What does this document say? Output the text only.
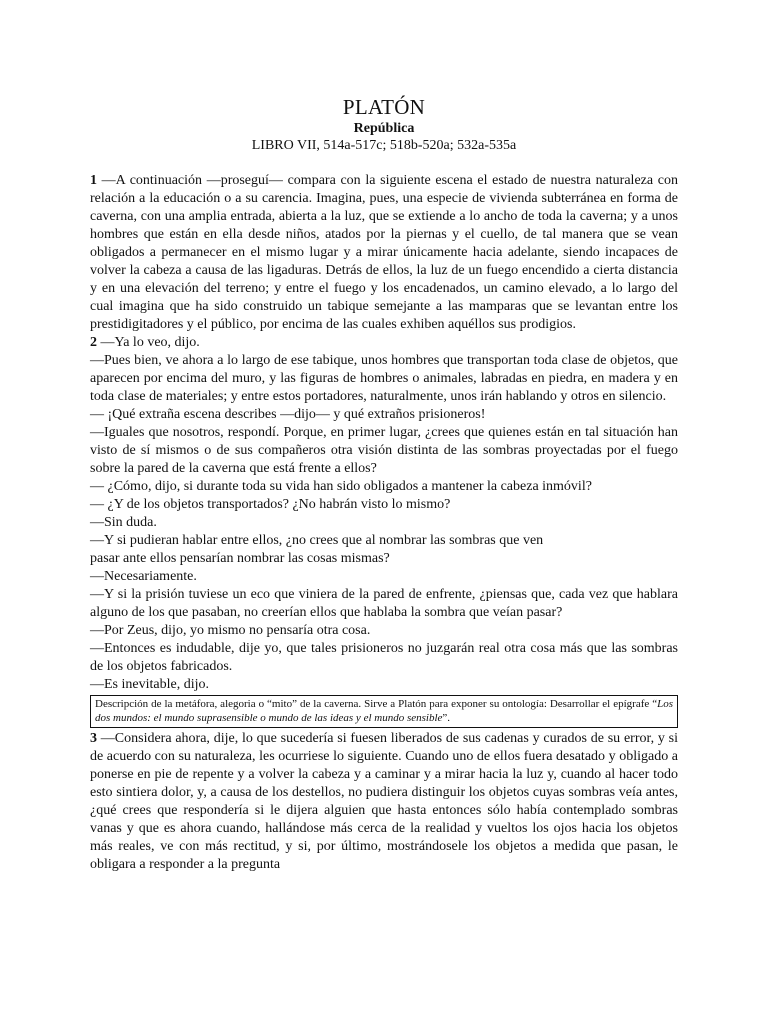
PLATÓN
República
LIBRO VII, 514a-517c; 518b-520a; 532a-535a

1 —A continuación —proseguí— compara con la siguiente escena el estado de nuestra naturaleza con relación a la educación o a su carencia. Imagina, pues, una especie de vivienda subterránea en forma de caverna, con una amplia entrada, abierta a la luz, que se extiende a lo ancho de toda la caverna; y a unos hombres que están en ella desde niños, atados por la piernas y el cuello, de tal manera que se vean obligados a permanecer en el mismo lugar y a mirar únicamente hacia adelante, siendo incapaces de volver la cabeza a causa de las ligaduras. Detrás de ellos, la luz de un fuego encendido a cierta distancia y en una elevación del terreno; y entre el fuego y los encadenados, un camino elevado, a lo largo del cual imagina que ha sido construido un tabique semejante a las mamparas que se levantan entre los prestidigitadores y el público, por encima de las cuales exhiben aquéllos sus prodigios.

2 —Ya lo veo, dijo.

—Pues bien, ve ahora a lo largo de ese tabique, unos hombres que transportan toda clase de objetos, que aparecen por encima del muro, y las figuras de hombres o animales, labradas en piedra, en madera y en toda clase de materiales; y entre estos portadores, naturalmente, unos irán hablando y otros en silencio.

— ¡Qué extraña escena describes —dijo— y qué extraños prisioneros!

—Iguales que nosotros, respondí. Porque, en primer lugar, ¿crees que quienes están en tal situación han visto de sí mismos o de sus compañeros otra visión distinta de las sombras proyectadas por el fuego sobre la pared de la caverna que está frente a ellos?

— ¿Cómo, dijo, si durante toda su vida han sido obligados a mantener la cabeza inmóvil?

— ¿Y de los objetos transportados? ¿No habrán visto lo mismo?

—Sin duda.

—Y si pudieran hablar entre ellos, ¿no crees que al nombrar las sombras que ven

pasar ante ellos pensarían nombrar las cosas mismas?

—Necesariamente.

—Y si la prisión tuviese un eco que viniera de la pared de enfrente, ¿piensas que, cada vez que hablara alguno de los que pasaban, no creerían ellos que hablaba la sombra que veían pasar?

—Por Zeus, dijo, yo mismo no pensaría otra cosa.

—Entonces es indudable, dije yo, que tales prisioneros no juzgarán real otra cosa más que las sombras de los objetos fabricados.

—Es inevitable, dijo.

Descripción de la metáfora, alegoria o “mito” de la caverna. Sirve a Platón para exponer su ontología: Desarrollar el epígrafe “Los dos mundos: el mundo suprasensible o mundo de las ideas y el mundo sensible”.

3 —Considera ahora, dije, lo que sucedería si fuesen liberados de sus cadenas y curados de su error, y si de acuerdo con su naturaleza, les ocurriese lo siguiente. Cuando uno de ellos fuera desatado y obligado a ponerse en pie de repente y a volver la cabeza y a caminar y a mirar hacia la luz y, cuando al hacer todo esto sintiera dolor, y, a causa de los destellos, no pudiera distinguir los objetos cuyas sombras veía antes, ¿qué crees que respondería si le dijera alguien que hasta entonces sólo había contemplado sombras vanas y que es ahora cuando, hallándose más cerca de la realidad y vueltos los ojos hacia los objetos más reales, ve con más rectitud, y si, por último, mostrándosele los objetos a medida que pasan, le obligara a responder a la pregunta
